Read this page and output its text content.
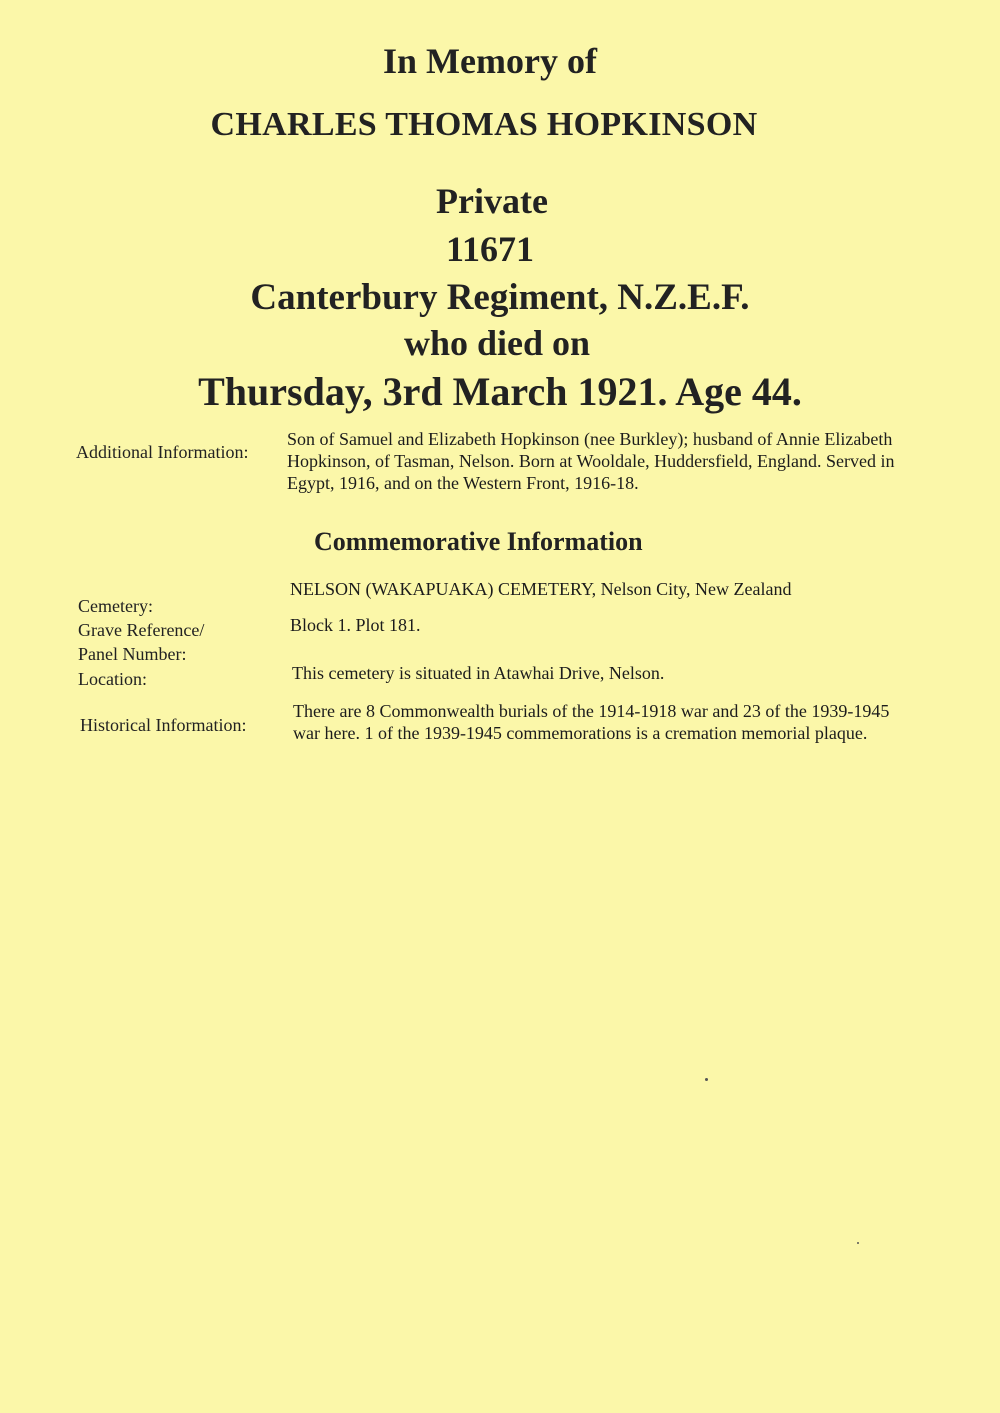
In Memory of
CHARLES THOMAS HOPKINSON
Private
11671
Canterbury Regiment, N.Z.E.F.
who died on
Thursday, 3rd March 1921. Age 44.
Additional Information:
Son of Samuel and Elizabeth Hopkinson (nee Burkley); husband of Annie Elizabeth Hopkinson, of Tasman, Nelson. Born at Wooldale, Huddersfield, England. Served in Egypt, 1916, and on the Western Front, 1916-18.
Commemorative Information
Cemetery:
Grave Reference/
Panel Number:
Location:
Historical Information:
NELSON (WAKAPUAKA) CEMETERY, Nelson City, New Zealand
Block 1. Plot 181.
This cemetery is situated in Atawhai Drive, Nelson.
There are 8 Commonwealth burials of the 1914-1918 war and 23 of the 1939-1945 war here. 1 of the 1939-1945 commemorations is a cremation memorial plaque.
